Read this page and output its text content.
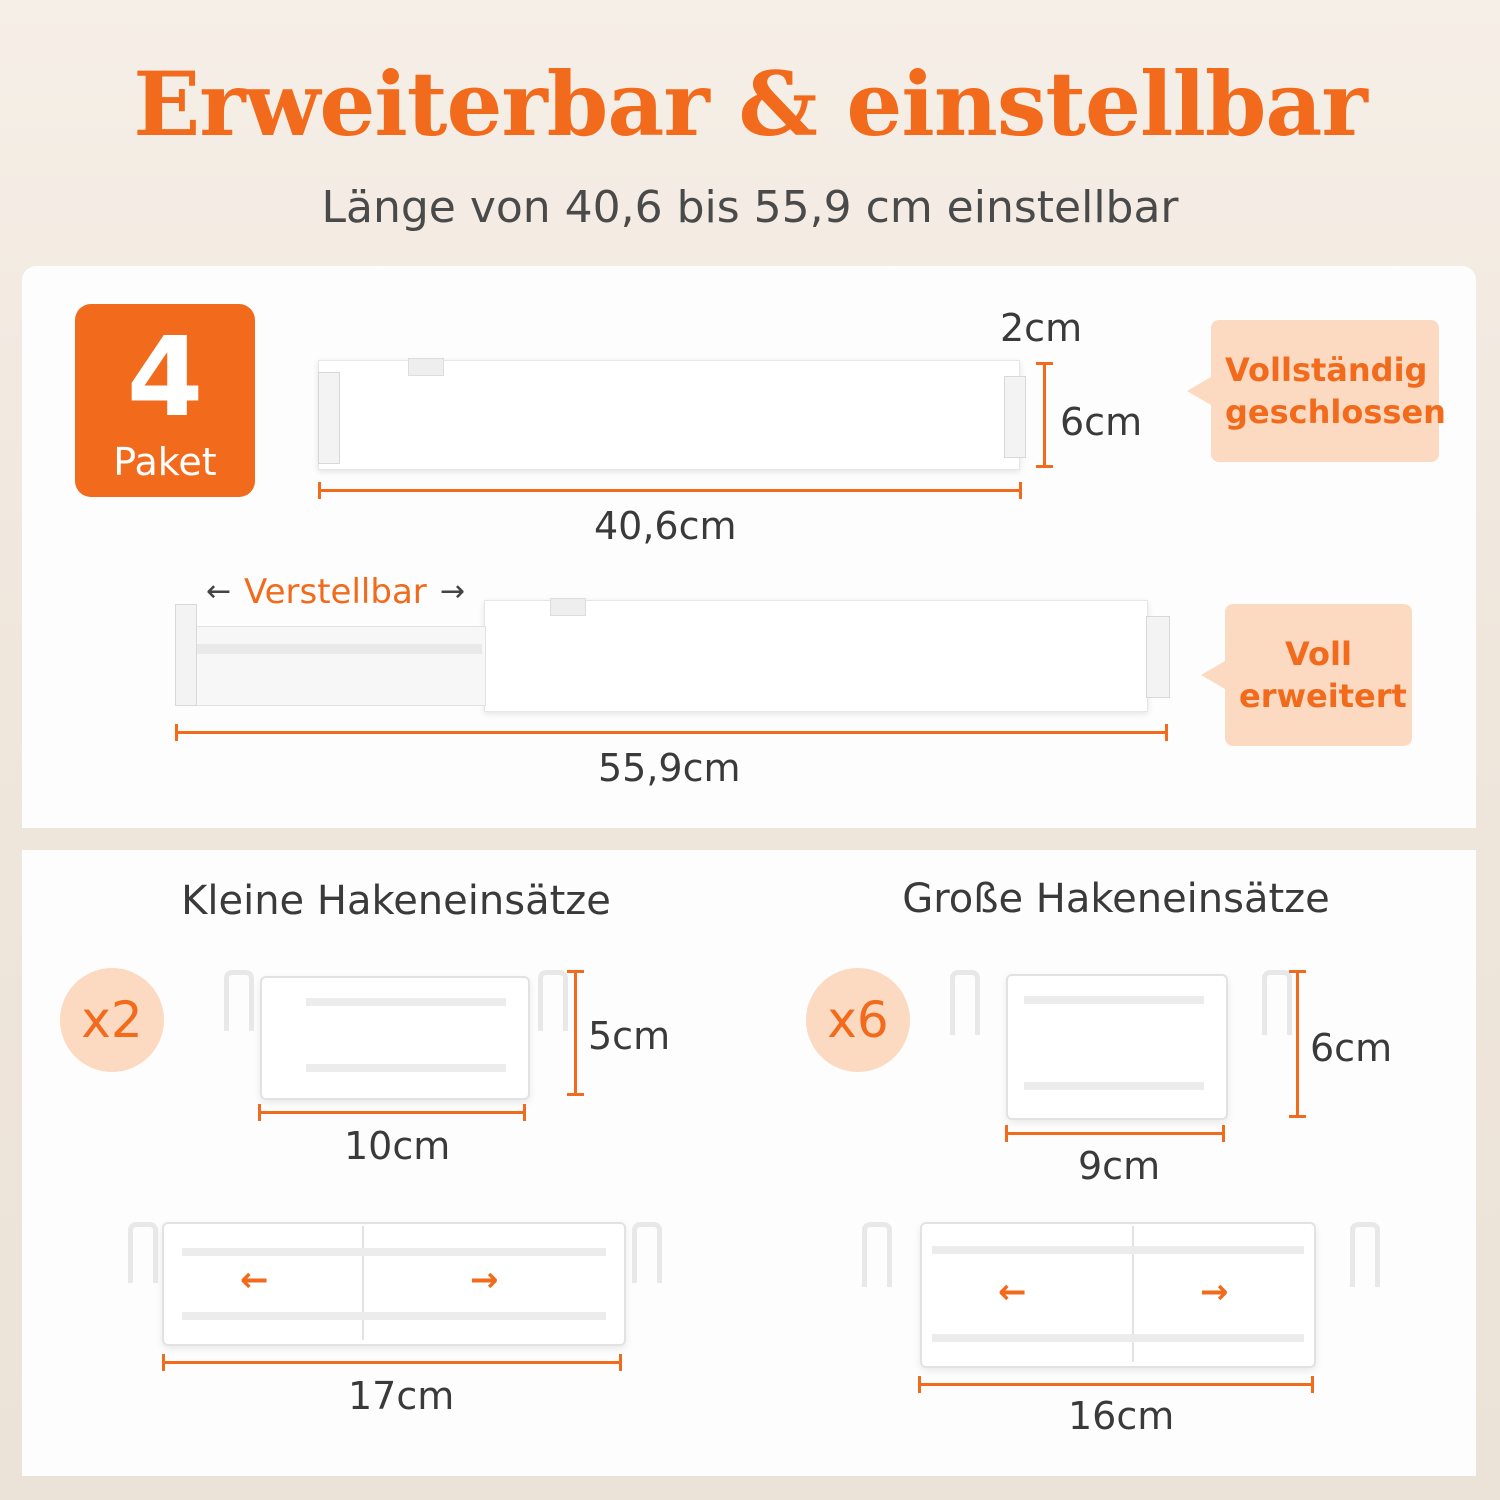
Erweiterbar & einstellbar
Länge von 40,6 bis 55,9 cm einstellbar
4
Paket
2cm
6cm
40,6cm
Vollständig geschlossen
← Verstellbar →
55,9cm
Voll erweitert
Kleine Hakeneinsätze
x2	5cm
10cm
←	→
17cm
Große Hakeneinsätze
x6	6cm
9cm
←	→
16cm
